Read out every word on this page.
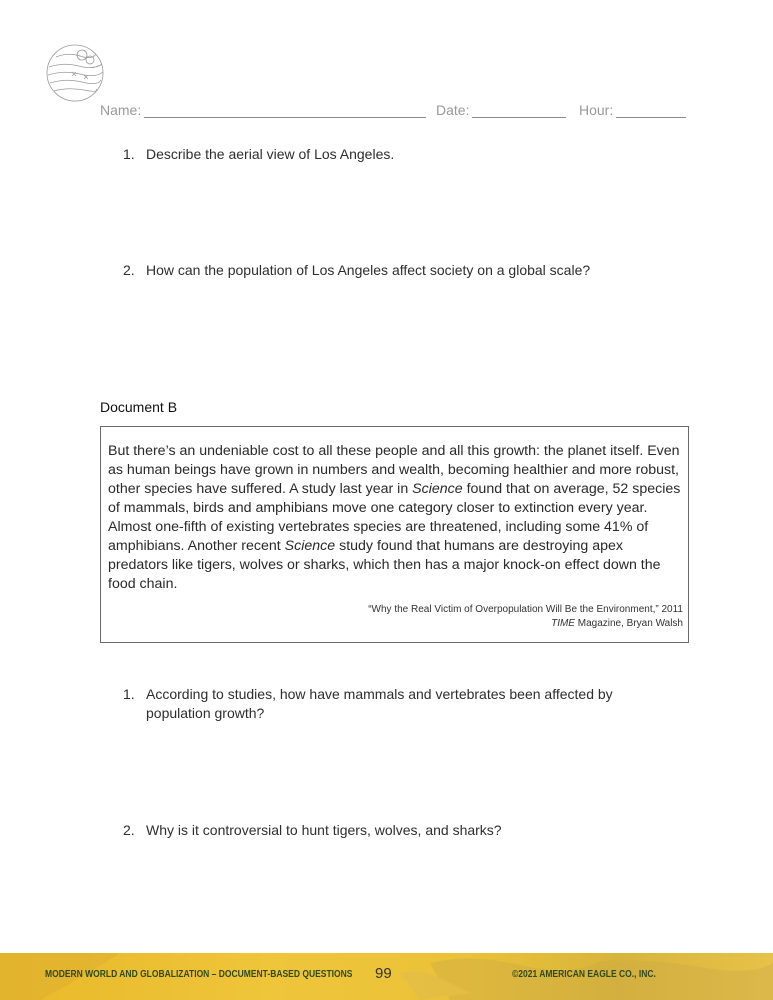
Name:	Date:	Hour:
1. Describe the aerial view of Los Angeles.
2. How can the population of Los Angeles affect society on a global scale?
Document B
But there’s an undeniable cost to all these people and all this growth: the planet itself. Even as human beings have grown in numbers and wealth, becoming healthier and more robust, other species have suffered. A study last year in Science found that on average, 52 species of mammals, birds and amphibians move one category closer to extinction every year. Almost one-fifth of existing vertebrates species are threatened, including some 41% of amphibians. Another recent Science study found that humans are destroying apex predators like tigers, wolves or sharks, which then has a major knock-on effect down the food chain.
“Why the Real Victim of Overpopulation Will Be the Environment,” 2011
TIME Magazine, Bryan Walsh
1. According to studies, how have mammals and vertebrates been affected by population growth?
2. Why is it controversial to hunt tigers, wolves, and sharks?
MODERN WORLD AND GLOBALIZATION – DOCUMENT-BASED QUESTIONS 99	©2021 AMERICAN EAGLE CO., INC.
